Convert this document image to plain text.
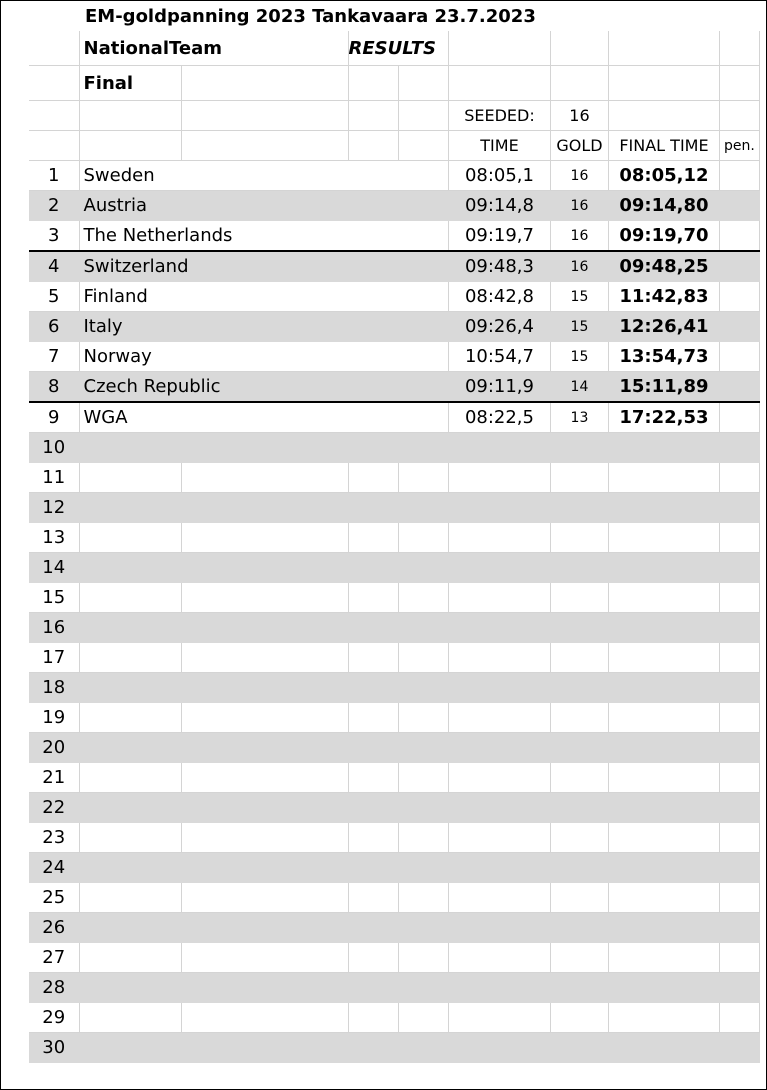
EM-goldpanning 2023 Tankavaara 23.7.2023								
	NationalTeam		RESULTS					
	Final							
					SEEDED:	16		
					TIME	GOLD	FINAL TIME	pen.
1	Sweden				08:05,1	16	08:05,12	
2	Austria				09:14,8	16	09:14,80	
3	The Netherlands				09:19,7	16	09:19,70	
4	Switzerland				09:48,3	16	09:48,25	
5	Finland				08:42,8	15	11:42,83	
6	Italy				09:26,4	15	12:26,41	
7	Norway				10:54,7	15	13:54,73	
8	Czech Republic				09:11,9	14	15:11,89	
9	WGA				08:22,5	13	17:22,53	
10								
11								
12								
13								
14								
15								
16								
17								
18								
19								
20								
21								
22								
23								
24								
25								
26								
27								
28								
29								
30								
